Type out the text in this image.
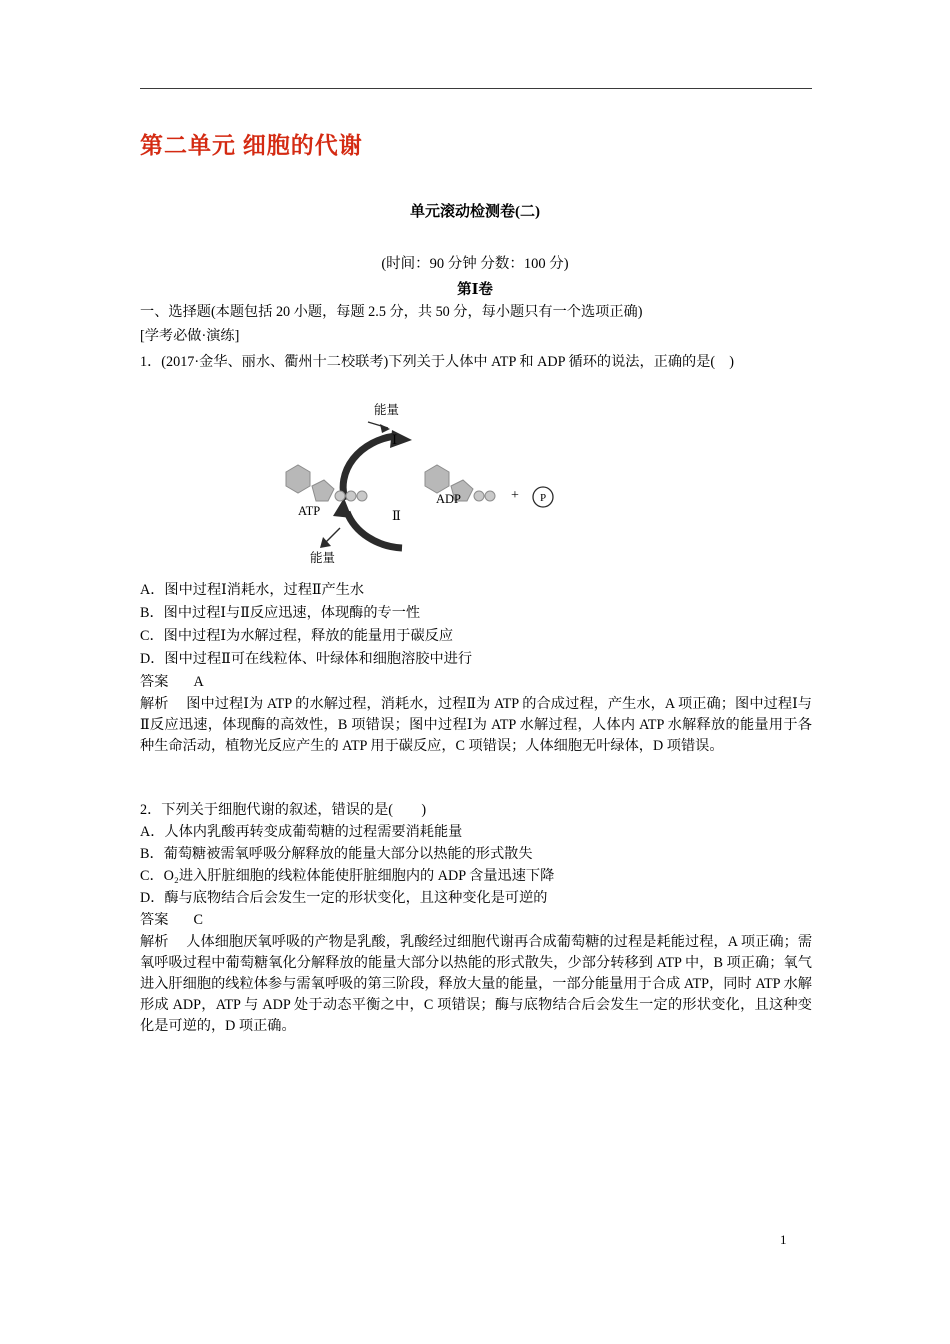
第二单元 细胞的代谢
单元滚动检测卷(二)
(时间：90 分钟 分数：100 分)
第Ⅰ卷
一、选择题(本题包括 20 小题，每题 2.5 分，共 50 分，每小题只有一个选项正确)
[学考必做·演练]
1．(2017·金华、丽水、衢州十二校联考)下列关于人体中 ATP 和 ADP 循环的说法，正确的是(　)
P
能量
Ⅰ
Ⅱ
ATP
ADP	+
能量
A．图中过程Ⅰ消耗水，过程Ⅱ产生水
B．图中过程Ⅰ与Ⅱ反应迅速，体现酶的专一性
C．图中过程Ⅰ为水解过程，释放的能量用于碳反应
D．图中过程Ⅱ可在线粒体、叶绿体和细胞溶胶中进行
答案 A
解析 图中过程Ⅰ为 ATP 的水解过程，消耗水，过程Ⅱ为 ATP 的合成过程，产生水，A 项正确；图中过程Ⅰ与Ⅱ反应迅速，体现酶的高效性，B 项错误；图中过程Ⅰ为 ATP 水解过程，人体内 ATP 水解释放的能量用于各种生命活动，植物光反应产生的 ATP 用于碳反应，C 项错误；人体细胞无叶绿体，D 项错误。
2．下列关于细胞代谢的叙述，错误的是(　　)
A．人体内乳酸再转变成葡萄糖的过程需要消耗能量
B．葡萄糖被需氧呼吸分解释放的能量大部分以热能的形式散失
C．O₂进入肝脏细胞的线粒体能使肝脏细胞内的 ADP 含量迅速下降
D．酶与底物结合后会发生一定的形状变化，且这种变化是可逆的
答案 C
解析 人体细胞厌氧呼吸的产物是乳酸，乳酸经过细胞代谢再合成葡萄糖的过程是耗能过程，A 项正确；需氧呼吸过程中葡萄糖氧化分解释放的能量大部分以热能的形式散失，少部分转移到 ATP 中，B 项正确；氧气进入肝细胞的线粒体参与需氧呼吸的第三阶段，释放大量的能量，一部分能量用于合成 ATP，同时 ATP 水解形成 ADP，ATP 与 ADP 处于动态平衡之中，C 项错误；酶与底物结合后会发生一定的形状变化，且这种变化是可逆的，D 项正确。
1
